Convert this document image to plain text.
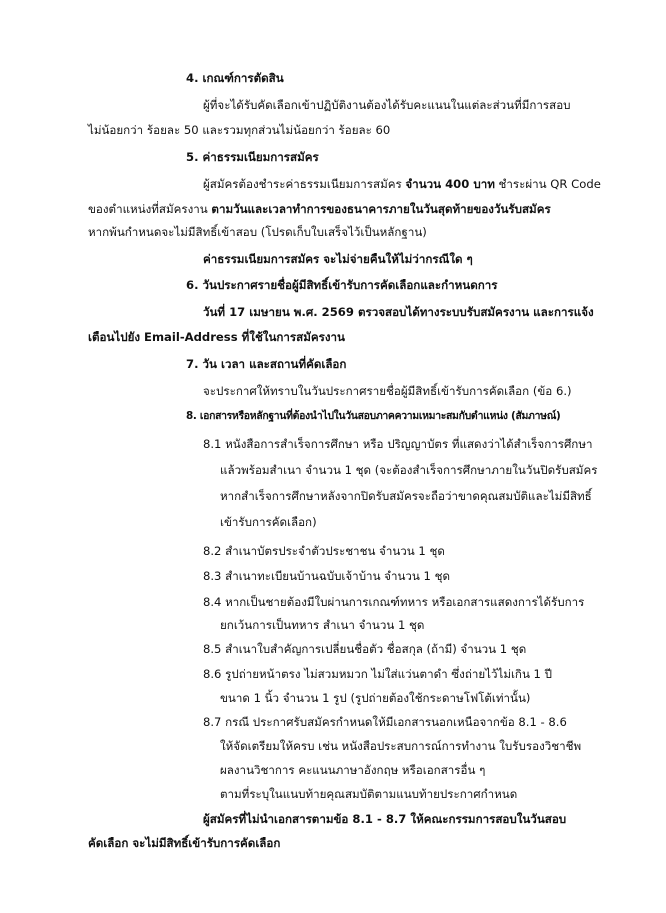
4. เกณฑ์การตัดสิน
ผู้ที่จะได้รับคัดเลือกเข้าปฏิบัติงานต้องได้รับคะแนนในแต่ละส่วนที่มีการสอบ
ไม่น้อยกว่า ร้อยละ 50 และรวมทุกส่วนไม่น้อยกว่า ร้อยละ 60
5. ค่าธรรมเนียมการสมัคร
ผู้สมัครต้องชำระค่าธรรมเนียมการสมัคร จำนวน 400 บาท ชำระผ่าน QR Code
ของตำแหน่งที่สมัครงาน ตามวันและเวลาทำการของธนาคารภายในวันสุดท้ายของวันรับสมัคร
หากพ้นกำหนดจะไม่มีสิทธิ์เข้าสอบ (โปรดเก็บใบเสร็จไว้เป็นหลักฐาน)
ค่าธรรมเนียมการสมัคร จะไม่จ่ายคืนให้ไม่ว่ากรณีใด ๆ
6. วันประกาศรายชื่อผู้มีสิทธิ์เข้ารับการคัดเลือกและกำหนดการ
วันที่ 17 เมษายน พ.ศ. 2569 ตรวจสอบได้ทางระบบรับสมัครงาน และการแจ้ง
เตือนไปยัง Email-Address ที่ใช้ในการสมัครงาน
7. วัน เวลา และสถานที่คัดเลือก
จะประกาศให้ทราบในวันประกาศรายชื่อผู้มีสิทธิ์เข้ารับการคัดเลือก (ข้อ 6.)
8. เอกสารหรือหลักฐานที่ต้องนำไปในวันสอบภาคความเหมาะสมกับตำแหน่ง (สัมภาษณ์)
8.1 หนังสือการสำเร็จการศึกษา หรือ ปริญญาบัตร ที่แสดงว่าได้สำเร็จการศึกษา
แล้วพร้อมสำเนา จำนวน 1 ชุด (จะต้องสำเร็จการศึกษาภายในวันปิดรับสมัคร
หากสำเร็จการศึกษาหลังจากปิดรับสมัครจะถือว่าขาดคุณสมบัติและไม่มีสิทธิ์
เข้ารับการคัดเลือก)
8.2 สำเนาบัตรประจำตัวประชาชน จำนวน 1 ชุด
8.3 สำเนาทะเบียนบ้านฉบับเจ้าบ้าน จำนวน 1 ชุด
8.4 หากเป็นชายต้องมีใบผ่านการเกณฑ์ทหาร หรือเอกสารแสดงการได้รับการ
ยกเว้นการเป็นทหาร สำเนา จำนวน 1 ชุด
8.5 สำเนาใบสำคัญการเปลี่ยนชื่อตัว ชื่อสกุล (ถ้ามี) จำนวน 1 ชุด
8.6 รูปถ่ายหน้าตรง ไม่สวมหมวก ไม่ใส่แว่นตาดำ ซึ่งถ่ายไว้ไม่เกิน 1 ปี
ขนาด 1 นิ้ว จำนวน 1 รูป (รูปถ่ายต้องใช้กระดาษโฟโต้เท่านั้น)
8.7 กรณี ประกาศรับสมัครกำหนดให้มีเอกสารนอกเหนือจากข้อ 8.1 - 8.6
ให้จัดเตรียมให้ครบ เช่น หนังสือประสบการณ์การทำงาน ใบรับรองวิชาชีพ
ผลงานวิชาการ คะแนนภาษาอังกฤษ หรือเอกสารอื่น ๆ
ตามที่ระบุในแนบท้ายคุณสมบัติตามแนบท้ายประกาศกำหนด
ผู้สมัครที่ไม่นำเอกสารตามข้อ 8.1 - 8.7 ให้คณะกรรมการสอบในวันสอบ
คัดเลือก จะไม่มีสิทธิ์เข้ารับการคัดเลือก
